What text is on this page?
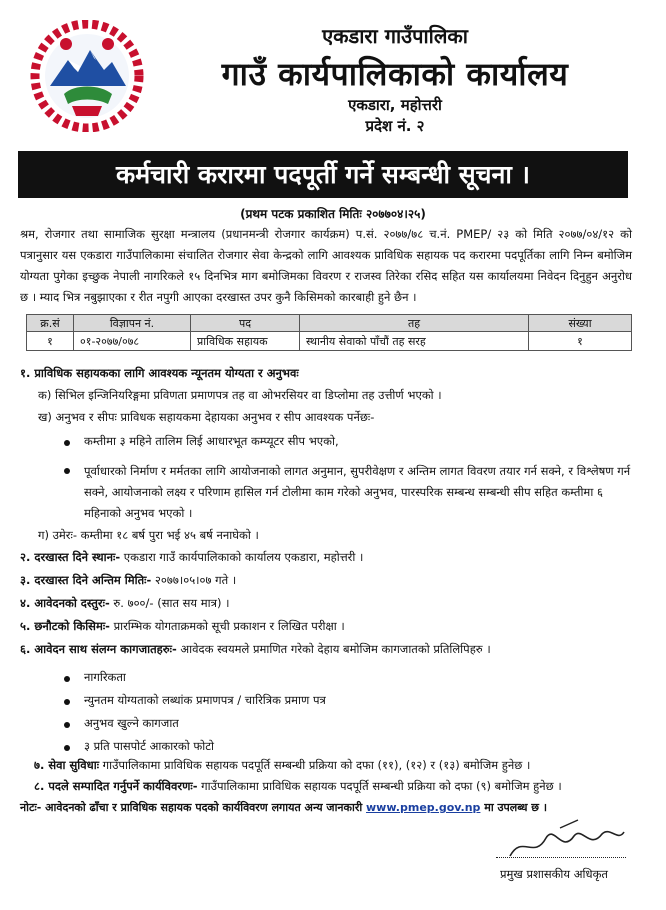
एकडारा गाउँपालिका
गाउँ कार्यपालिकाको कार्यालय
एकडारा, महोत्तरी
प्रदेश नं. २
कर्मचारी करारमा पदपूर्ती गर्ने सम्बन्धी सूचना ।
(प्रथम पटक प्रकाशित मितिः २०७७०४।२५)

श्रम, रोजगार तथा सामाजिक सुरक्षा मन्त्रालय (प्रधानमन्त्री रोजगार कार्यक्रम) प.सं. २०७७/७८ च.नं. PMEP/ २३ को मिति २०७७/०४/१२ को पत्रानुसार यस एकडारा गाउँपालिकामा संचालित रोजगार सेवा केन्द्रको लागि आवश्यक प्राविधिक सहायक पद करारमा पदपूर्तिका लागि निम्न बमोजिम योग्यता पुगेका इच्छुक नेपाली नागरिकले १५ दिनभित्र माग बमोजिमका विवरण र राजस्व तिरेका रसिद सहित यस कार्यालयमा निवेदन दिनुहुन अनुरोध छ । म्याद भित्र नबुझाएका र रीत नपुगी आएका दरखास्त उपर कुनै किसिमको कारबाही हुने छैन ।

क्र.सं	विज्ञापन नं.	पद	तह	संख्या
१	०१-२०७७/०७८	प्राविधिक सहायक	स्थानीय सेवाको पाँचौं तह सरह	१
१. प्राविधिक सहायकका लागि आवश्यक न्यूनतम योग्यता र अनुभवः
क) सिभिल इन्जिनियरिङ्गमा प्रविणता प्रमाणपत्र तह वा ओभरसियर वा डिप्लोमा तह उत्तीर्ण भएको ।
ख) अनुभव र सीपः प्राविधक सहायकमा देहायका अनुभव र सीप आवश्यक पर्नेछः-
कम्तीमा ३ महिने तालिम लिई आधारभूत कम्प्यूटर सीप भएको,
पूर्वाधारको निर्माण र मर्मतका लागि आयोजनाको लागत अनुमान, सुपरीवेक्षण र अन्तिम लागत विवरण तयार गर्न सक्ने, र विश्लेषण गर्न सक्ने, आयोजनाको लक्ष्य र परिणाम हासिल गर्न टोलीमा काम गरेको अनुभव, पारस्परिक सम्बन्ध सम्बन्धी सीप सहित कम्तीमा ६ महिनाको अनुभव भएको ।
ग) उमेरः- कम्तीमा १८ बर्ष पुरा भई ४५ बर्ष ननाघेको ।
२. दरखास्त दिने स्थानः- एकडारा गाउँ कार्यपालिकाको कार्यालय एकडारा, महोत्तरी ।
३. दरखास्त दिने अन्तिम मितिः- २०७७।०५।०७ गते ।
४. आवेदनको दस्तुरः- रु. ७००/- (सात सय मात्र) ।
५. छनौटको किसिमः- प्रारम्भिक योगताक्रमको सूची प्रकाशन र लिखित परीक्षा ।
६. आवेदन साथ संलग्न कागजातहरुः- आवेदक स्वयमले प्रमाणित गरेको देहाय बमोजिम कागजातको प्रतिलिपिहरु ।
नागरिकता
न्युनतम योग्यताको लब्धांक प्रमाणपत्र / चारित्रिक प्रमाण पत्र
अनुभव खुल्ने कागजात
३ प्रति पासपोर्ट आकारको फोटो
७. सेवा सुविधाः गाउँपालिकामा प्राविधिक सहायक पदपूर्ति सम्बन्धी प्रक्रिया को दफा (११), (१२) र (१३) बमोजिम हुनेछ ।
८. पदले सम्पादित गर्नुपर्ने कार्यविवरणः- गाउँपालिकामा प्राविधिक सहायक पदपूर्ति सम्बन्धी प्रक्रिया को दफा (९) बमोजिम हुनेछ ।
नोटः- आवेदनको ढाँचा र प्राविधिक सहायक पदको कार्यविवरण लगायत अन्य जानकारी www.pmep.gov.np मा उपलब्ध छ ।
प्रमुख प्रशासकीय अधिकृत
